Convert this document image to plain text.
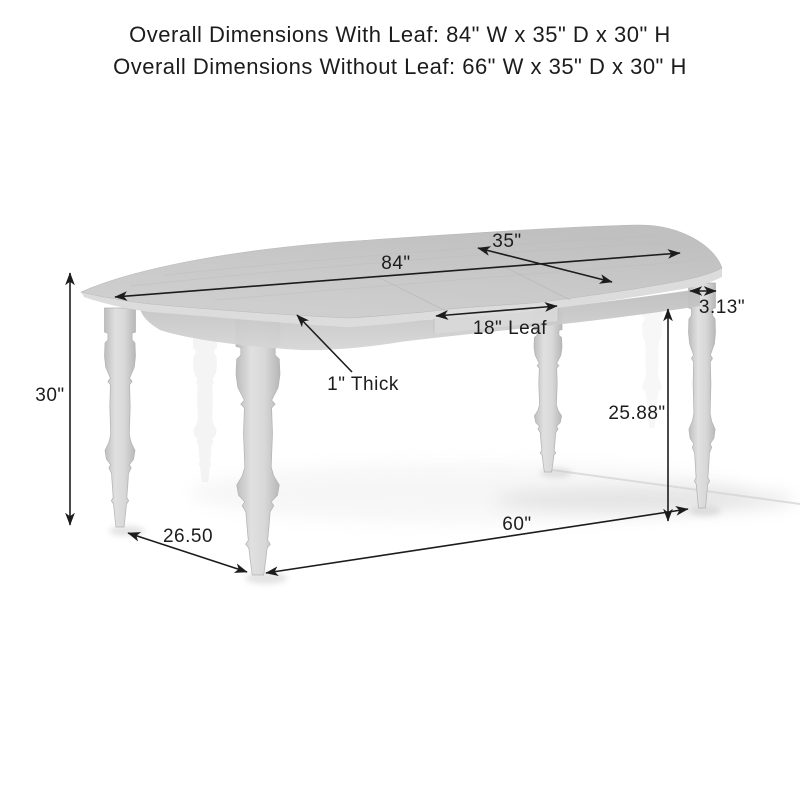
Overall Dimensions With Leaf: 84" W x 35" D x 30" H
Overall Dimensions Without Leaf: 66" W x 35" D x 30" H
84"
35"
18" Leaf
1" Thick
3.13"
25.88"
30"
26.50
60"
